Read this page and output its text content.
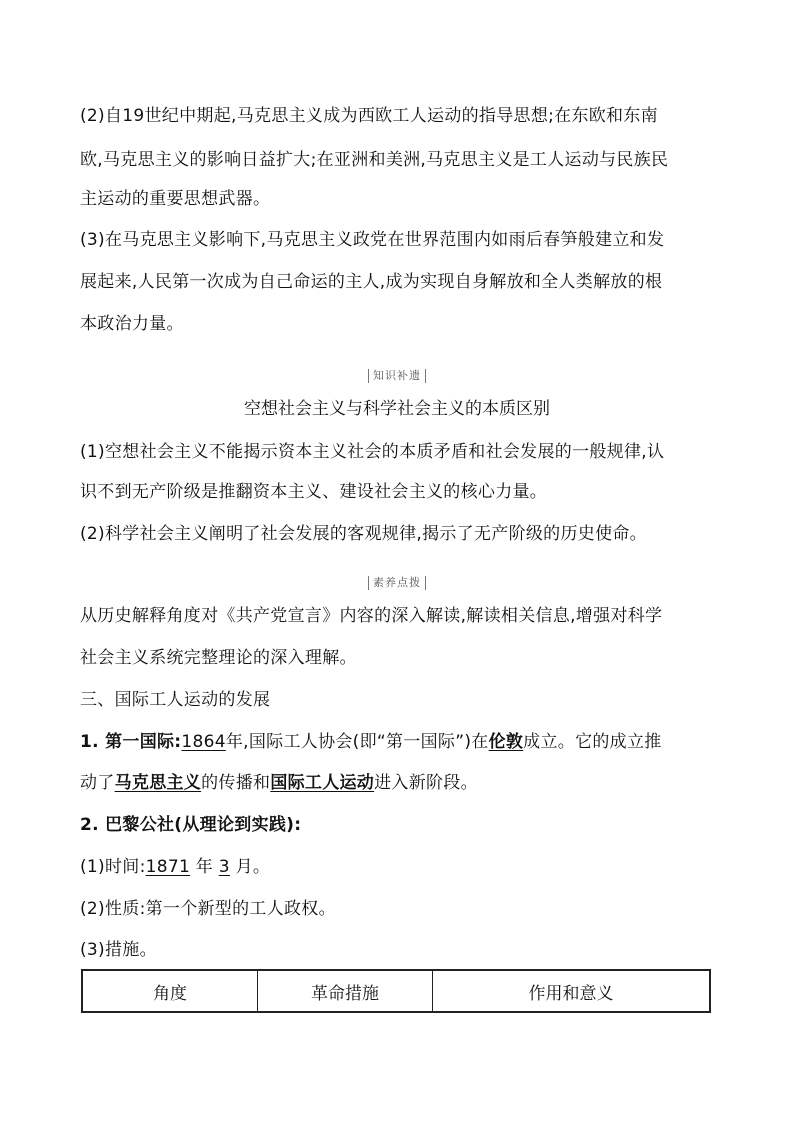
(2)自19世纪中期起,马克思主义成为西欧工人运动的指导思想;在东欧和东南
欧,马克思主义的影响日益扩大;在亚洲和美洲,马克思主义是工人运动与民族民
主运动的重要思想武器。
(3)在马克思主义影响下,马克思主义政党在世界范围内如雨后春笋般建立和发
展起来,人民第一次成为自己命运的主人,成为实现自身解放和全人类解放的根
本政治力量。
知识补遗
空想社会主义与科学社会主义的本质区别
(1)空想社会主义不能揭示资本主义社会的本质矛盾和社会发展的一般规律,认
识不到无产阶级是推翻资本主义、建设社会主义的核心力量。
(2)科学社会主义阐明了社会发展的客观规律,揭示了无产阶级的历史使命。
素养点拨
从历史解释角度对《共产党宣言》内容的深入解读,解读相关信息,增强对科学
社会主义系统完整理论的深入理解。
三、国际工人运动的发展
1. 第一国际:1864年,国际工人协会(即“第一国际”)在伦敦成立。它的成立推
动了马克思主义的传播和国际工人运动进入新阶段。
2. 巴黎公社(从理论到实践):
(1)时间:1871 年 3 月。
(2)性质:第一个新型的工人政权。
(3)措施。
角度	革命措施	作用和意义
